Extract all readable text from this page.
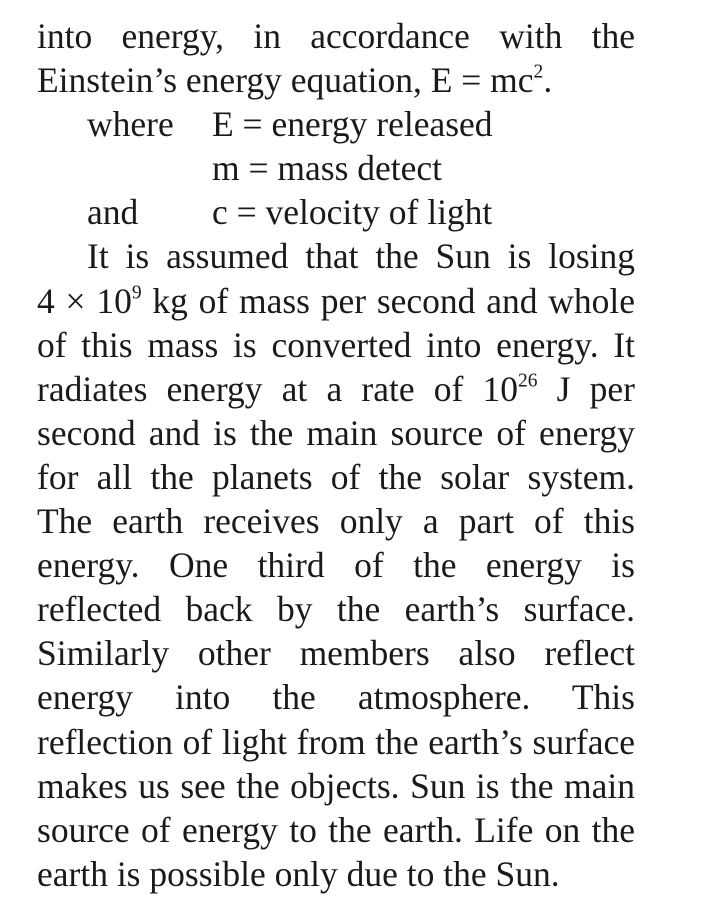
into energy, in accordance with the
Einstein’s energy equation, $E = mc^2$.
where E = energy released
m = mass detect
and c = velocity of light
It is assumed that the Sun is losing
$4 \times 10^9$ kg of mass per second and whole
of this mass is converted into energy. It
radiates energy at a rate of $10^{26}$ J per
second and is the main source of energy
for all the planets of the solar system.
The earth receives only a part of this
energy. One third of the energy is
reflected back by the earth’s surface.
Similarly other members also reflect
energy into the atmosphere. This
reflection of light from the earth’s surface
makes us see the objects. Sun is the main
source of energy to the earth. Life on the
earth is possible only due to the Sun.
